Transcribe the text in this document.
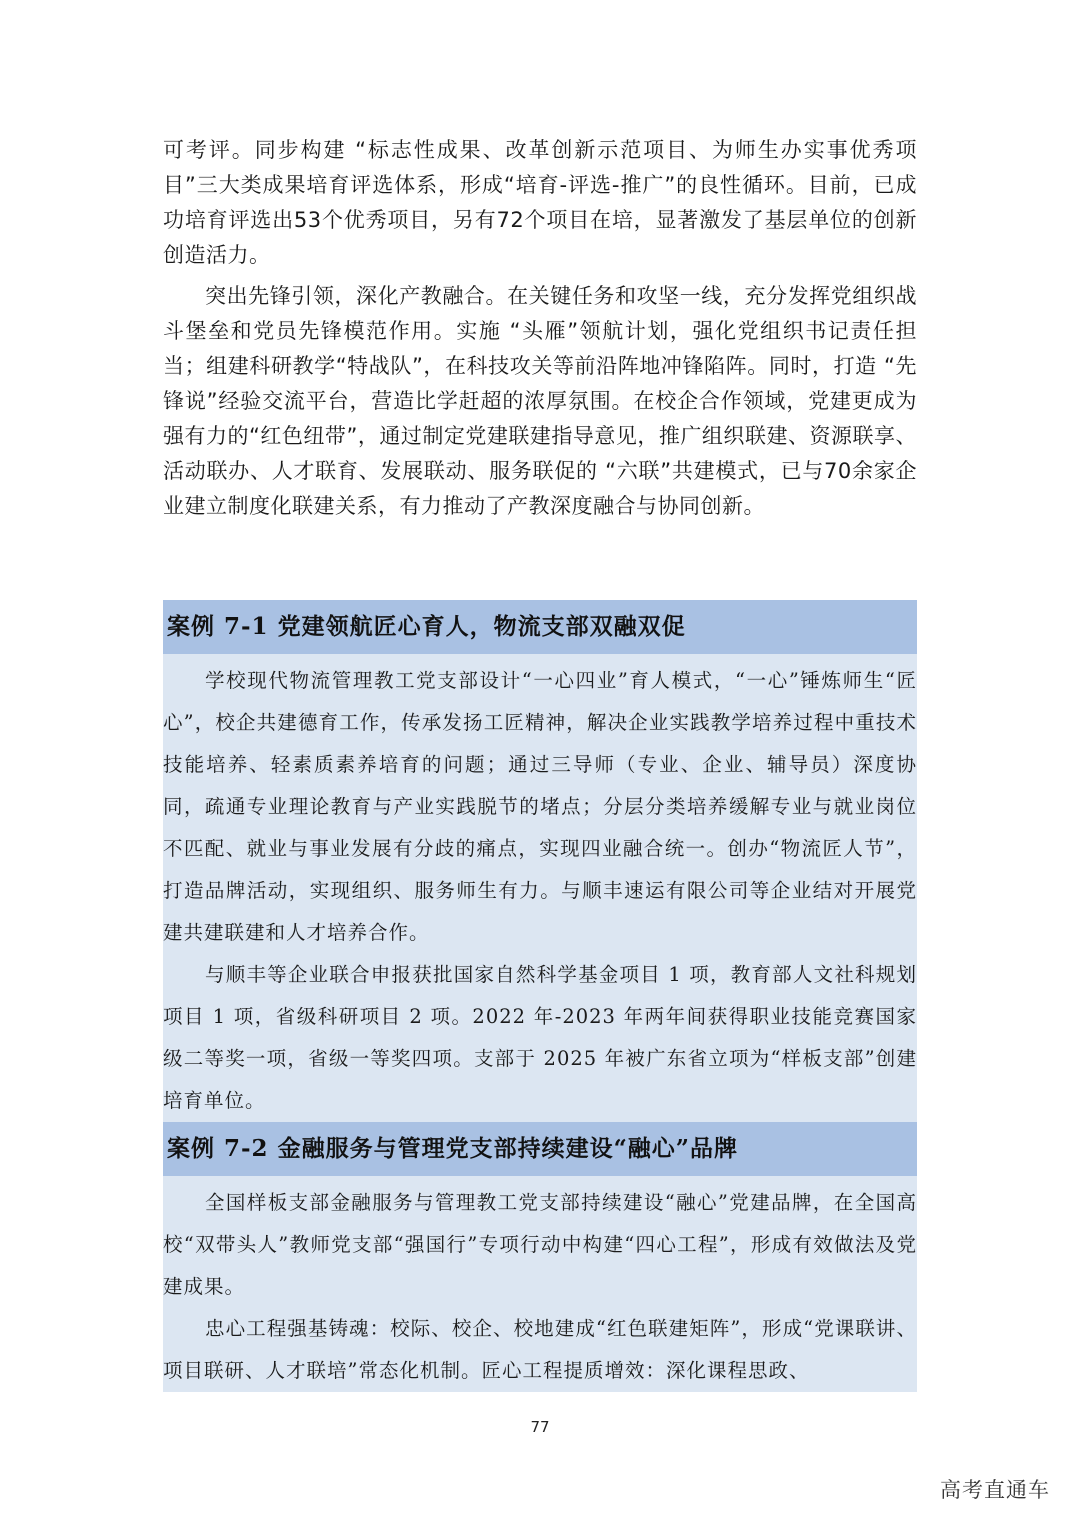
可考评。同步构建 “标志性成果、改革创新示范项目、为师生办实事优秀项目”三大类成果培育评选体系，形成“培育-评选-推广”的良性循环。目前，已成功培育评选出53个优秀项目，另有72个项目在培，显著激发了基层单位的创新创造活力。

突出先锋引领，深化产教融合。在关键任务和攻坚一线，充分发挥党组织战斗堡垒和党员先锋模范作用。实施 “头雁”领航计划，强化党组织书记责任担当；组建科研教学“特战队”，在科技攻关等前沿阵地冲锋陷阵。同时，打造 “先锋说”经验交流平台，营造比学赶超的浓厚氛围。在校企合作领域，党建更成为强有力的“红色纽带”，通过制定党建联建指导意见，推广组织联建、资源联享、活动联办、人才联育、发展联动、服务联促的 “六联”共建模式，已与70余家企业建立制度化联建关系，有力推动了产教深度融合与协同创新。

案例 7-1 党建领航匠心育人，物流支部双融双促

学校现代物流管理教工党支部设计“一心四业”育人模式，“一心”锤炼师生“匠心”，校企共建德育工作，传承发扬工匠精神，解决企业实践教学培养过程中重技术技能培养、轻素质素养培育的问题；通过三导师（专业、企业、辅导员）深度协同，疏通专业理论教育与产业实践脱节的堵点；分层分类培养缓解专业与就业岗位不匹配、就业与事业发展有分歧的痛点，实现四业融合统一。创办“物流匠人节”，打造品牌活动，实现组织、服务师生有力。与顺丰速运有限公司等企业结对开展党建共建联建和人才培养合作。

与顺丰等企业联合申报获批国家自然科学基金项目 1 项，教育部人文社科规划项目 1 项，省级科研项目 2 项。2022 年-2023 年两年间获得职业技能竞赛国家级二等奖一项，省级一等奖四项。支部于 2025 年被广东省立项为“样板支部”创建培育单位。

案例 7-2 金融服务与管理党支部持续建设“融心”品牌

全国样板支部金融服务与管理教工党支部持续建设“融心”党建品牌，在全国高校“双带头人”教师党支部“强国行”专项行动中构建“四心工程”，形成有效做法及党建成果。

忠心工程强基铸魂：校际、校企、校地建成“红色联建矩阵”，形成“党课联讲、项目联研、人才联培”常态化机制。匠心工程提质增效：深化课程思政、

77
高考直通车
